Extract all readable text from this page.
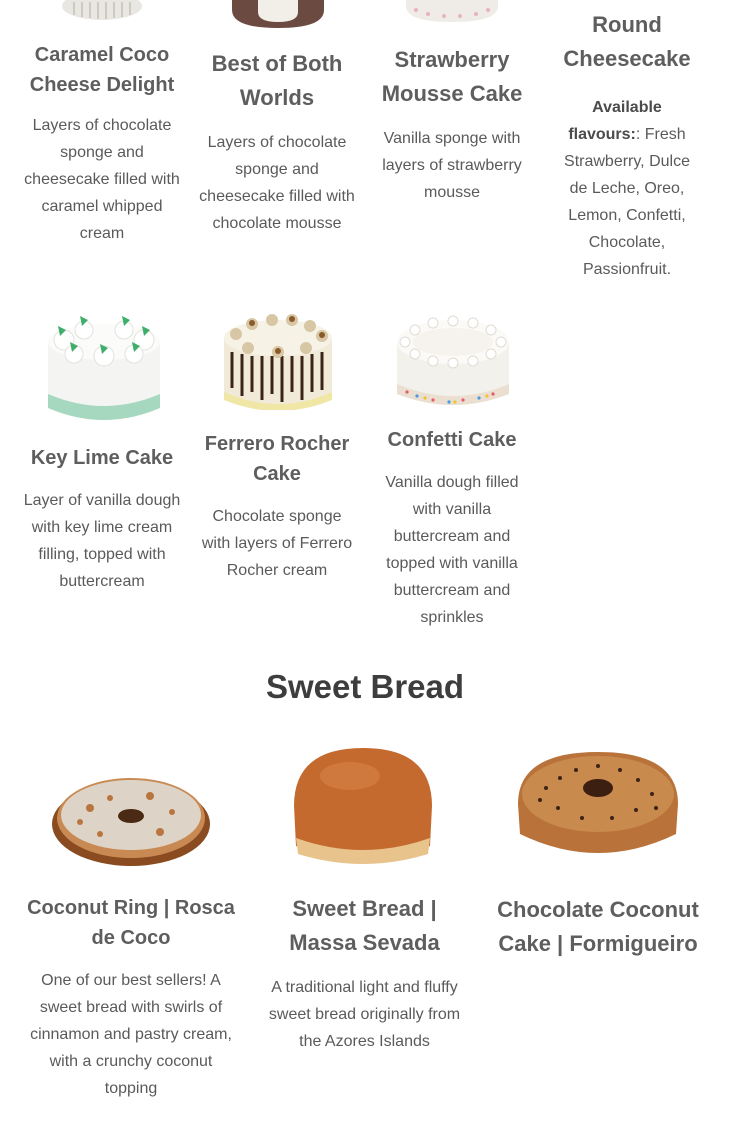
Caramel Coco Cheese Delight

Layers of chocolate sponge and cheesecake filled with caramel whipped cream

Best of Both Worlds

Layers of chocolate sponge and cheesecake filled with chocolate mousse

Strawberry Mousse Cake

Vanilla sponge with layers of strawberry mousse

Round Cheesecake

Available flavours:: Fresh Strawberry, Dulce de Leche, Oreo, Lemon, Confetti, Chocolate, Passionfruit.

Key Lime Cake

Layer of vanilla dough with key lime cream filling, topped with buttercream

Ferrero Rocher Cake

Chocolate sponge with layers of Ferrero Rocher cream

Confetti Cake

Vanilla dough filled with vanilla buttercream and topped with vanilla buttercream and sprinkles

Sweet Bread
Coconut Ring | Rosca de Coco

One of our best sellers! A sweet bread with swirls of cinnamon and pastry cream, with a crunchy coconut topping

Sweet Bread | Massa Sevada

A traditional light and fluffy sweet bread originally from the Azores Islands

Chocolate Coconut Cake | Formigueiro
